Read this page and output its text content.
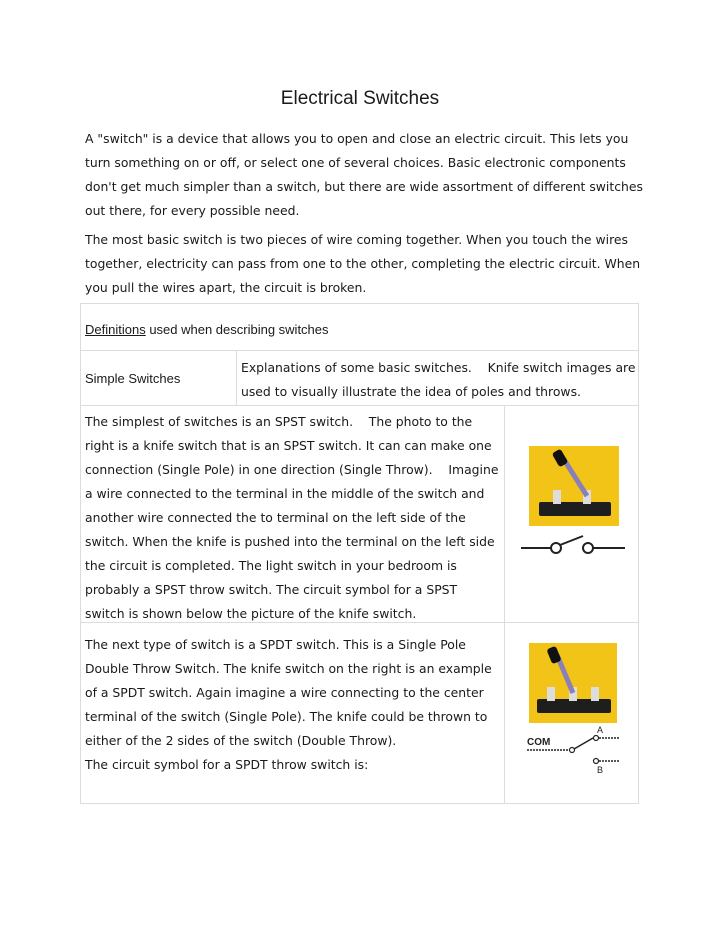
Electrical Switches

A "switch" is a device that allows you to open and close an electric circuit. This lets you turn something on or off, or select one of several choices. Basic electronic components don't get much simpler than a switch, but there are wide assortment of different switches out there, for every possible need.

The most basic switch is two pieces of wire coming together. When you touch the wires together, electricity can pass from one to the other, completing the electric circuit. When you pull the wires apart, the circuit is broken.

Definitions used when describing switches
Simple Switches
Explanations of some basic switches.    Knife switch images are used to visually illustrate the idea of poles and throws.
The simplest of switches is an SPST switch.    The photo to the right is a knife switch that is an SPST switch. It can can make one connection (Single Pole) in one direction (Single Throw).    Imagine a wire connected to the terminal in the middle of the switch and another wire connected the to terminal on the left side of the switch. When the knife is pushed into the terminal on the left side the circuit is completed. The light switch in your bedroom is probably a SPST throw switch. The circuit symbol for a SPST switch is shown below the picture of the knife switch.
The next type of switch is a SPDT switch. This is a Single Pole Double Throw Switch. The knife switch on the right is an example of a SPDT switch. Again imagine a wire connecting to the center terminal of the switch (Single Pole). The knife could be thrown to either of the 2 sides of the switch (Double Throw).
The circuit symbol for a SPDT throw switch is:
A
COM
B
